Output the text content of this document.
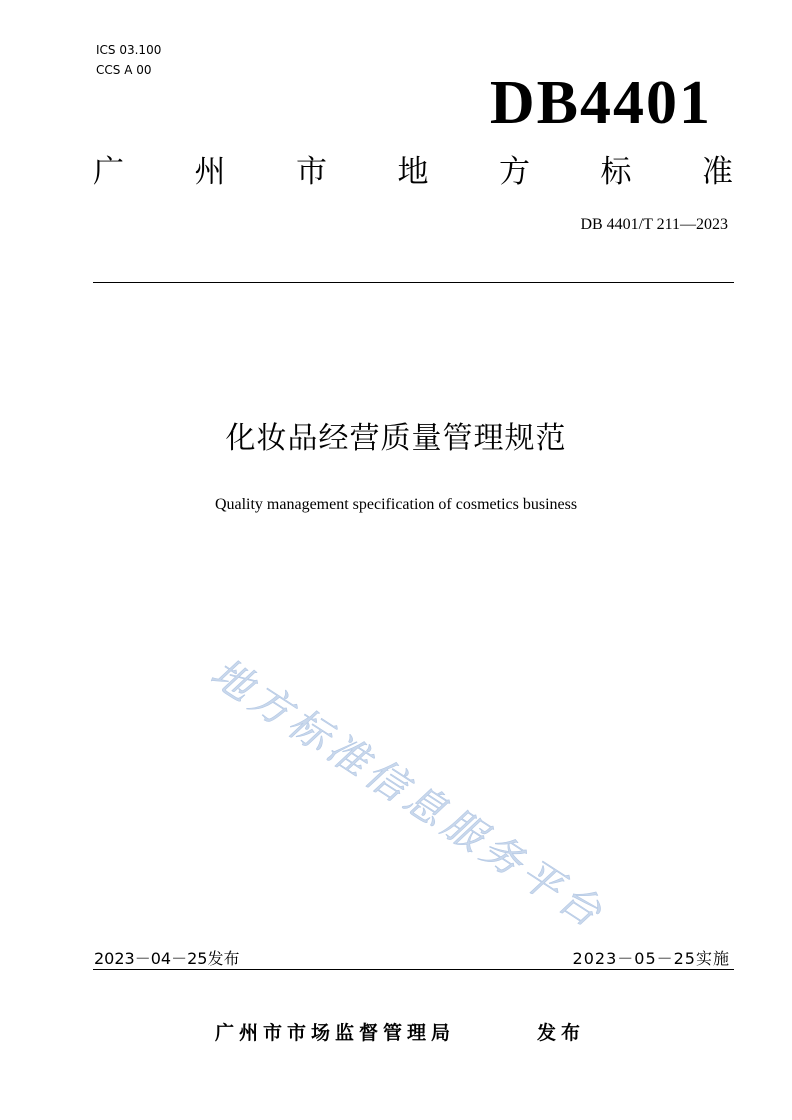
ICS 03.100
CCS A 00	DB4401
广 州 市 地 方 标 准
DB 4401/T 211—2023
化妆品经营质量管理规范
Quality management specification of cosmetics business
地方标准信息服务平台
2023－04－25发布	2023－05－25实施
广州市市场监督管理局	发布
